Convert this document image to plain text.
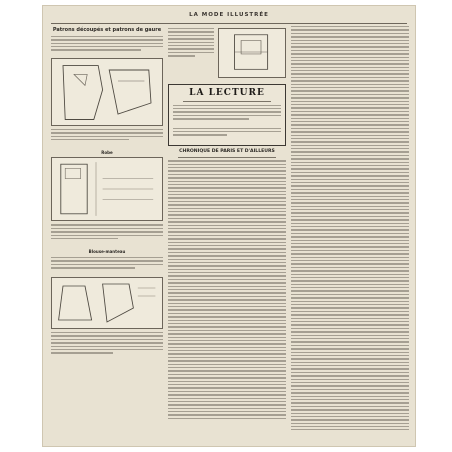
LA MODE ILLUSTRÉE
Patrons découpés et patrons de gaure
Robe
Blouse-manteau
LA LECTURE
CHRONIQUE DE PARIS ET D'AILLEURS
